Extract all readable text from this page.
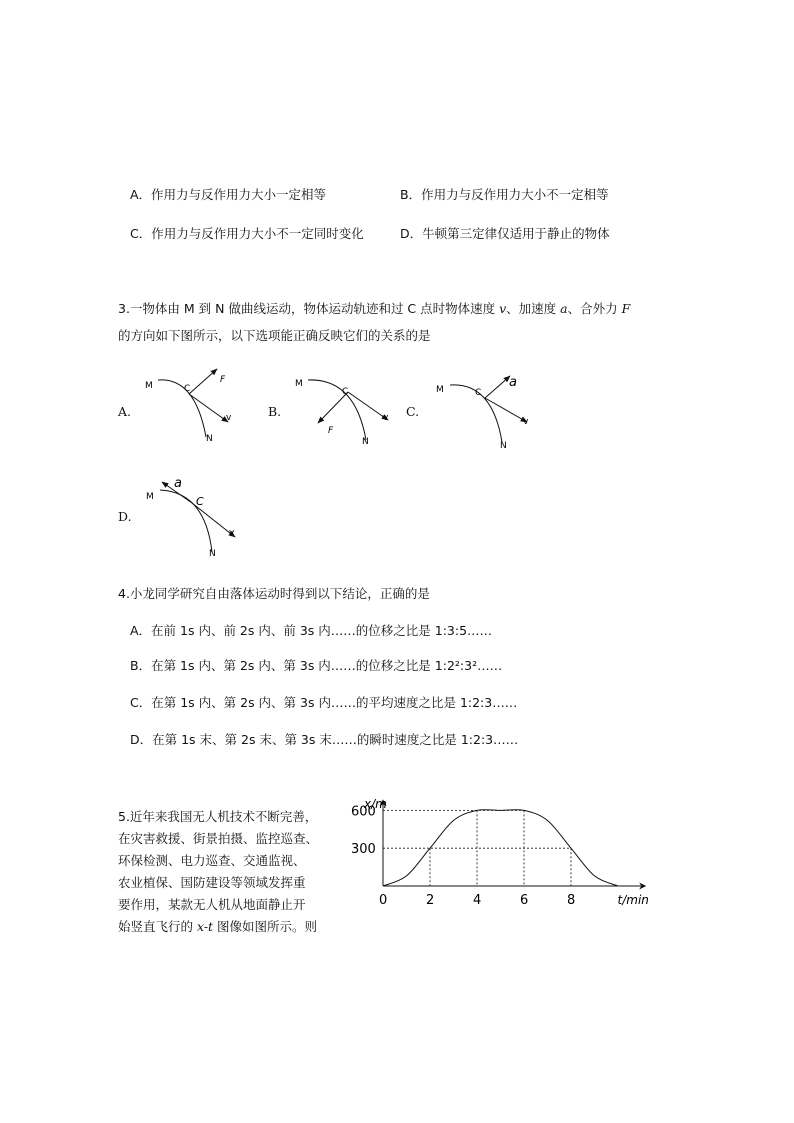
A．作用力与反作用力大小一定相等	B．作用力与反作用力大小不一定相等
C．作用力与反作用力大小不一定同时变化	D．牛顿第三定律仅适用于静止的物体
3.一物体由 M 到 N 做曲线运动，物体运动轨迹和过 C 点时物体速度 v、加速度 a、合外力 F
的方向如下图所示，以下选项能正确反映它们的关系的是
A.	B.	C.
D.
M	C
F
v
N
M
C
F
v
N
M	C
a
v
N
M
a
C
v
N
4.小龙同学研究自由落体运动时得到以下结论，正确的是
A．在前 1s 内、前 2s 内、前 3s 内……的位移之比是 1:3:5……
B．在第 1s 内、第 2s 内、第 3s 内……的位移之比是 1:2²:3²……
C．在第 1s 内、第 2s 内、第 3s 内……的平均速度之比是 1:2:3……
D．在第 1s 末、第 2s 末、第 3s 末……的瞬时速度之比是 1:2:3……
5.近年来我国无人机技术不断完善，
在灾害救援、街景拍摄、监控巡查、
环保检测、电力巡查、交通监视、
农业植保、国防建设等领域发挥重
要作用，某款无人机从地面静止开
始竖直飞行的 x-t 图像如图所示。则
0	2	4	6	8
300
600
x/m
t/min
